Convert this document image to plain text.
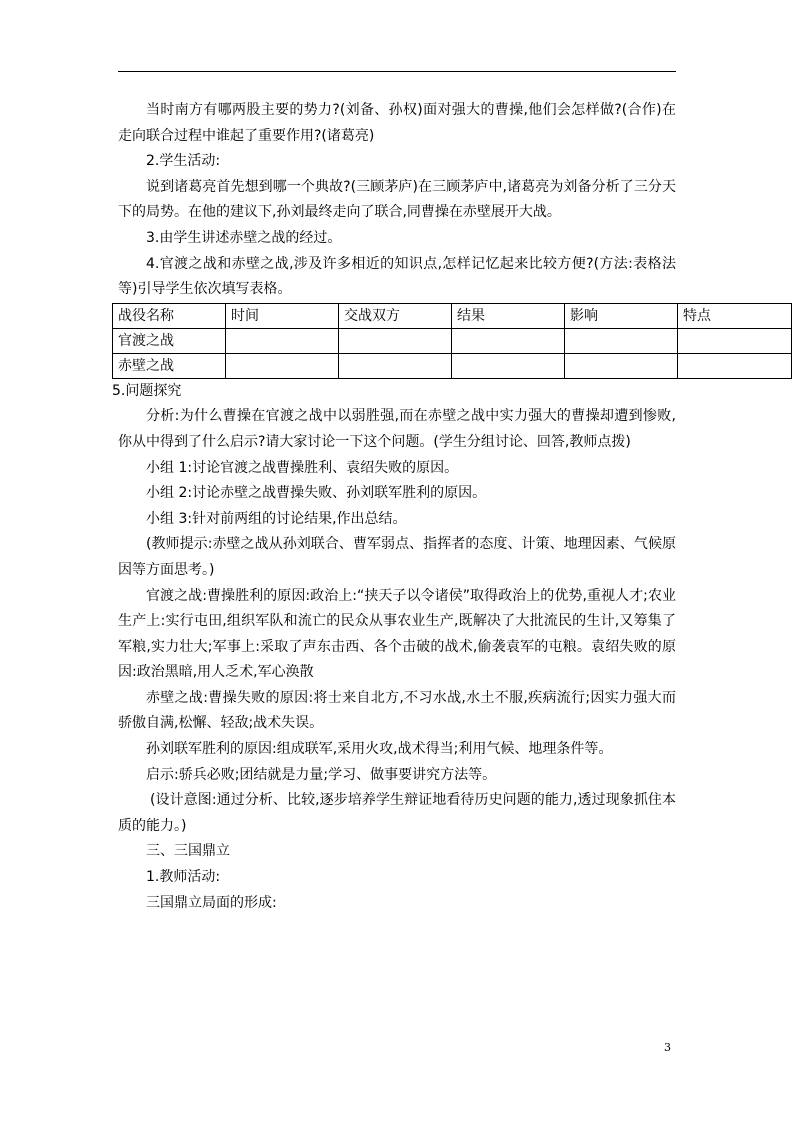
当时南方有哪两股主要的势力?(刘备、孙权)面对强大的曹操,他们会怎样做?(合作)在走向联合过程中谁起了重要作用?(诸葛亮)

2.学生活动:

说到诸葛亮首先想到哪一个典故?(三顾茅庐)在三顾茅庐中,诸葛亮为刘备分析了三分天下的局势。在他的建议下,孙刘最终走向了联合,同曹操在赤壁展开大战。

3.由学生讲述赤壁之战的经过。

4.官渡之战和赤壁之战,涉及许多相近的知识点,怎样记忆起来比较方便?(方法:表格法等)引导学生依次填写表格。

战役名称	时间	交战双方	结果	影响	特点
官渡之战					
赤壁之战					

5.问题探究

分析:为什么曹操在官渡之战中以弱胜强,而在赤壁之战中实力强大的曹操却遭到惨败,你从中得到了什么启示?请大家讨论一下这个问题。(学生分组讨论、回答,教师点拨)

小组 1:讨论官渡之战曹操胜利、袁绍失败的原因。

小组 2:讨论赤壁之战曹操失败、孙刘联军胜利的原因。

小组 3:针对前两组的讨论结果,作出总结。

(教师提示:赤壁之战从孙刘联合、曹军弱点、指挥者的态度、计策、地理因素、气候原因等方面思考。)

官渡之战:曹操胜利的原因:政治上:“挟天子以令诸侯”取得政治上的优势,重视人才;农业生产上:实行屯田,组织军队和流亡的民众从事农业生产,既解决了大批流民的生计,又筹集了军粮,实力壮大;军事上:采取了声东击西、各个击破的战术,偷袭袁军的屯粮。袁绍失败的原因:政治黑暗,用人乏术,军心涣散

赤壁之战:曹操失败的原因:将士来自北方,不习水战,水土不服,疾病流行;因实力强大而骄傲自满,松懈、轻敌;战术失误。

孙刘联军胜利的原因:组成联军,采用火攻,战术得当;利用气候、地理条件等。

启示:骄兵必败;团结就是力量;学习、做事要讲究方法等。

(设计意图:通过分析、比较,逐步培养学生辩证地看待历史问题的能力,透过现象抓住本质的能力。)

三、三国鼎立

1.教师活动:

三国鼎立局面的形成:

3
